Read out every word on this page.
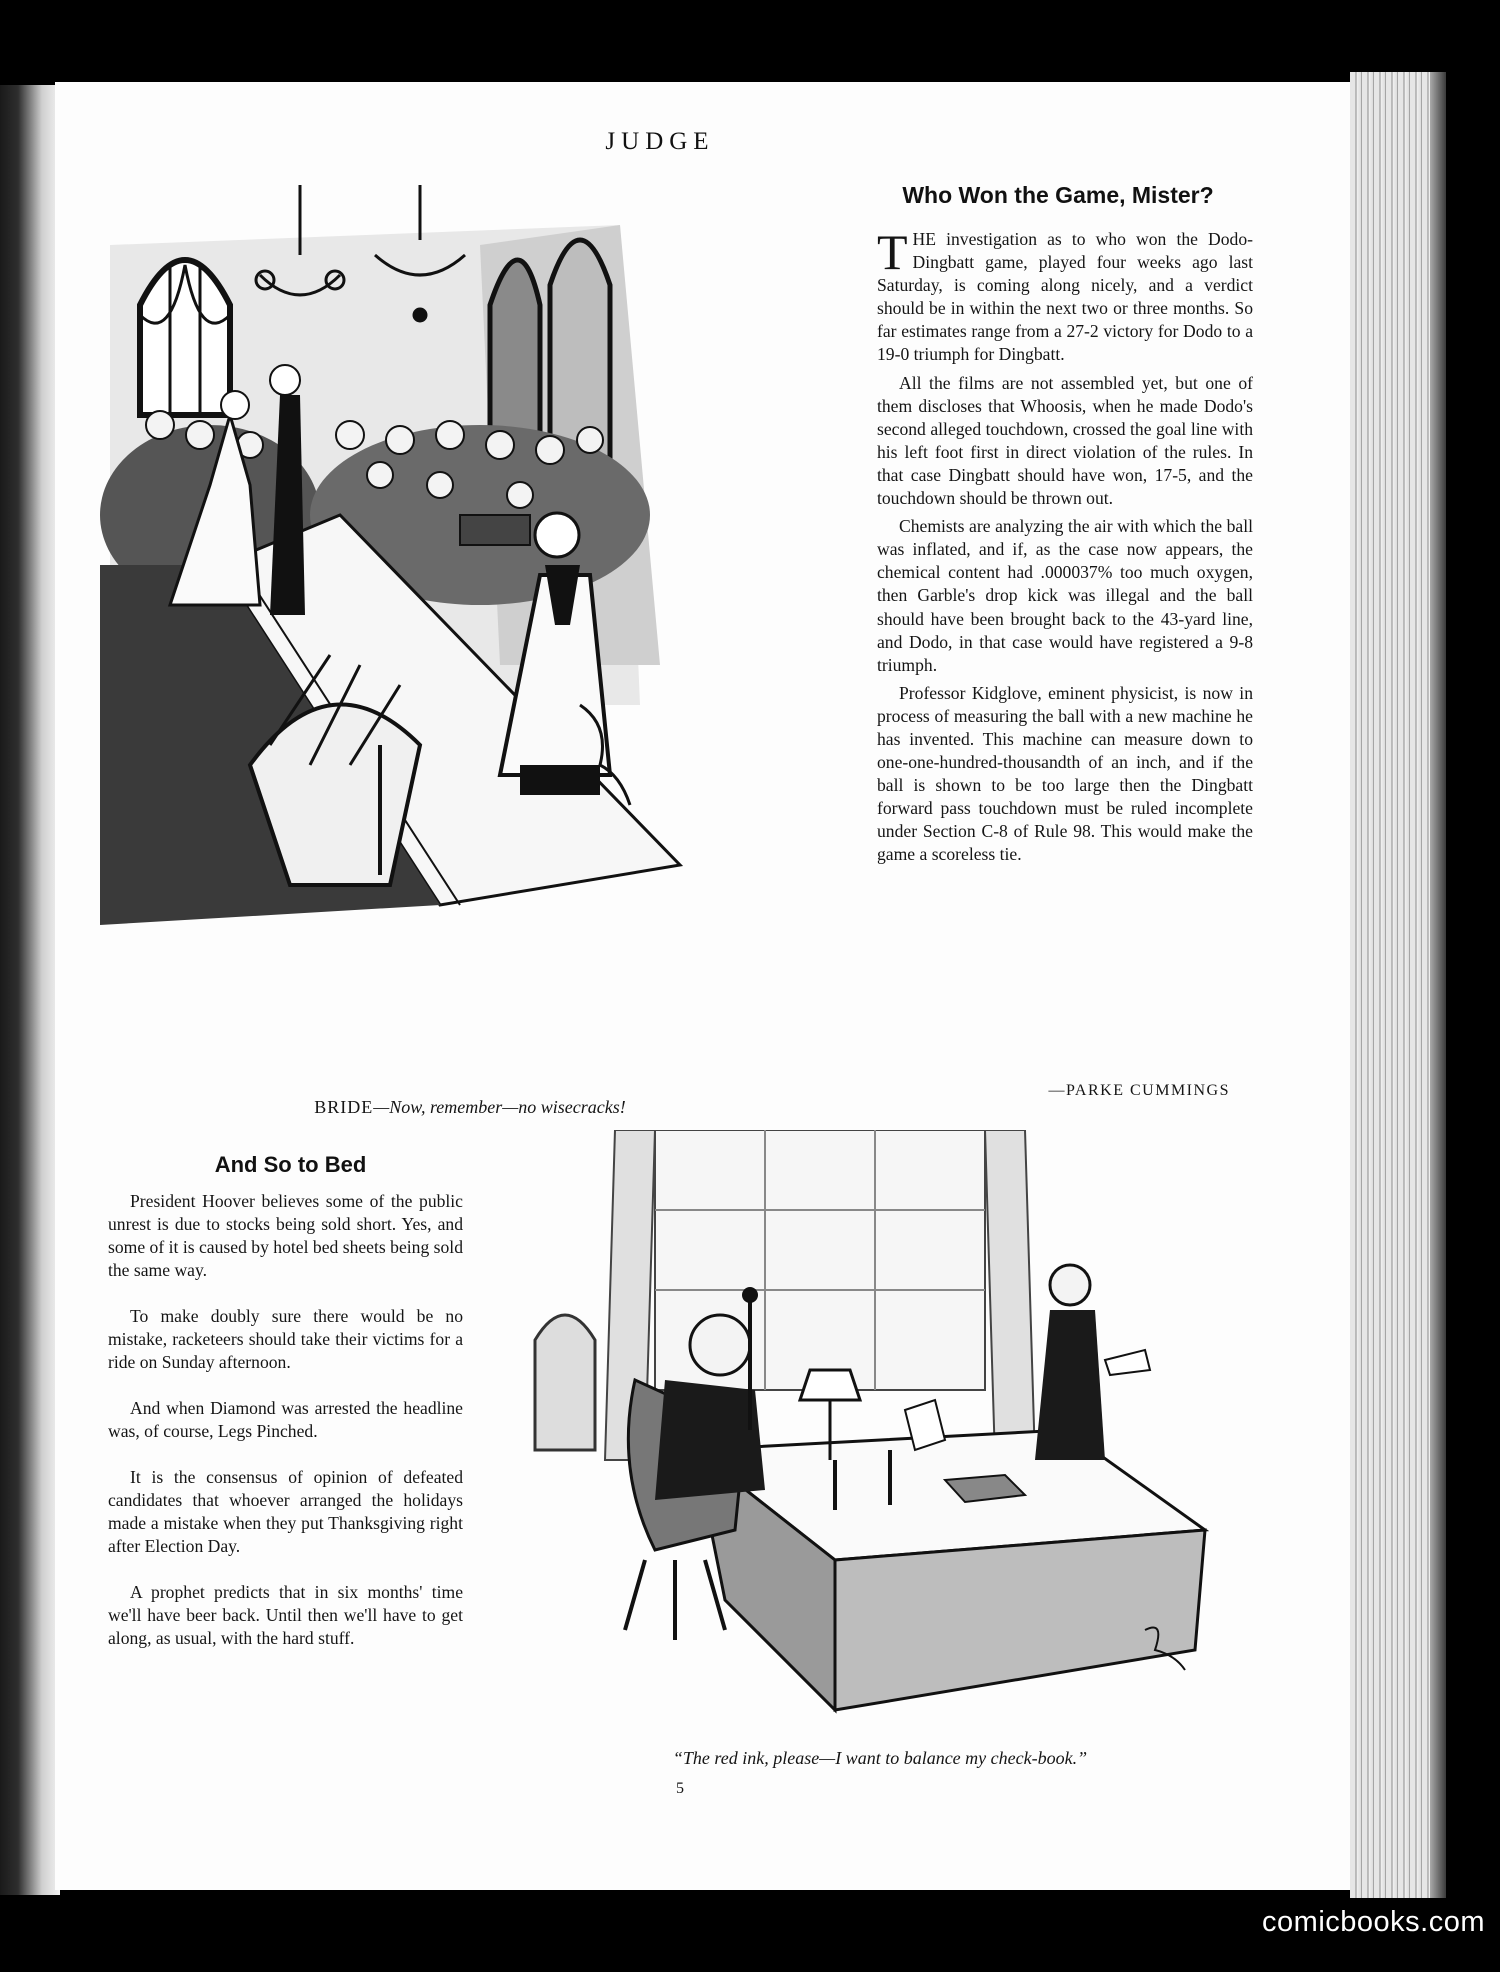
JUDGE
BRIDE—Now, remember—no wisecracks!
Who Won the Game, Mister?

THE investigation as to who won the Dodo-Dingbatt game, played four weeks ago last Saturday, is coming along nicely, and a verdict should be in within the next two or three months. So far estimates range from a 27-2 victory for Dodo to a 19-0 triumph for Dingbatt.

All the films are not assembled yet, but one of them discloses that Whoosis, when he made Dodo's second alleged touchdown, crossed the goal line with his left foot first in direct violation of the rules. In that case Dingbatt should have won, 17-5, and the touchdown should be thrown out.

Chemists are analyzing the air with which the ball was inflated, and if, as the case now appears, the chemical content had .000037% too much oxygen, then Garble's drop kick was illegal and the ball should have been brought back to the 43-yard line, and Dodo, in that case would have registered a 9-8 triumph.

Professor Kidglove, eminent physicist, is now in process of measuring the ball with a new machine he has invented. This machine can measure down to one-one-hundred-thousandth of an inch, and if the ball is shown to be too large then the Dingbatt forward pass touchdown must be ruled incomplete under Section C-8 of Rule 98. This would make the game a scoreless tie.

—PARKE CUMMINGS
And So to Bed

President Hoover believes some of the public unrest is due to stocks being sold short. Yes, and some of it is caused by hotel bed sheets being sold the same way.

To make doubly sure there would be no mistake, racketeers should take their victims for a ride on Sunday afternoon.

And when Diamond was arrested the headline was, of course, Legs Pinched.

It is the consensus of opinion of defeated candidates that whoever arranged the holidays made a mistake when they put Thanksgiving right after Election Day.

A prophet predicts that in six months' time we'll have beer back. Until then we'll have to get along, as usual, with the hard stuff.

“The red ink, please—I want to balance my check-book.”
5
comicbooks.com
